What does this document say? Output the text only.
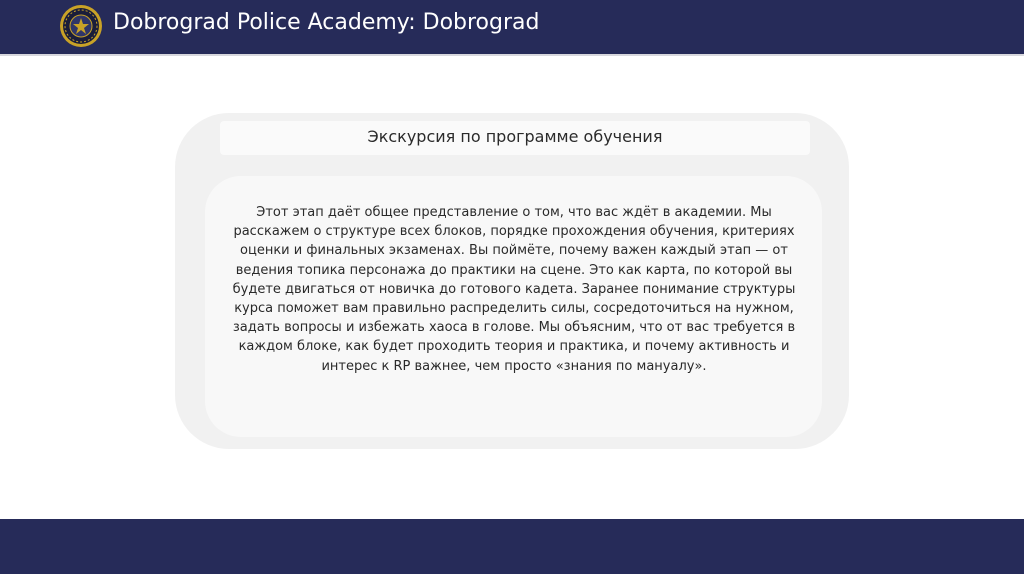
Dobrograd Police Academy: Dobrograd
Экскурсия по программе обучения
Этот этап даёт общее представление о том, что вас ждёт в академии. Мы расскажем о структуре всех блоков, порядке прохождения обучения, критериях оценки и финальных экзаменах. Вы поймёте, почему важен каждый этап — от ведения топика персонажа до практики на сцене. Это как карта, по которой вы будете двигаться от новичка до готового кадета. Заранее понимание структуры курса поможет вам правильно распределить силы, сосредоточиться на нужном, задать вопросы и избежать хаоса в голове. Мы объясним, что от вас требуется в каждом блоке, как будет проходить теория и практика, и почему активность и интерес к RP важнее, чем просто «знания по мануалу».
